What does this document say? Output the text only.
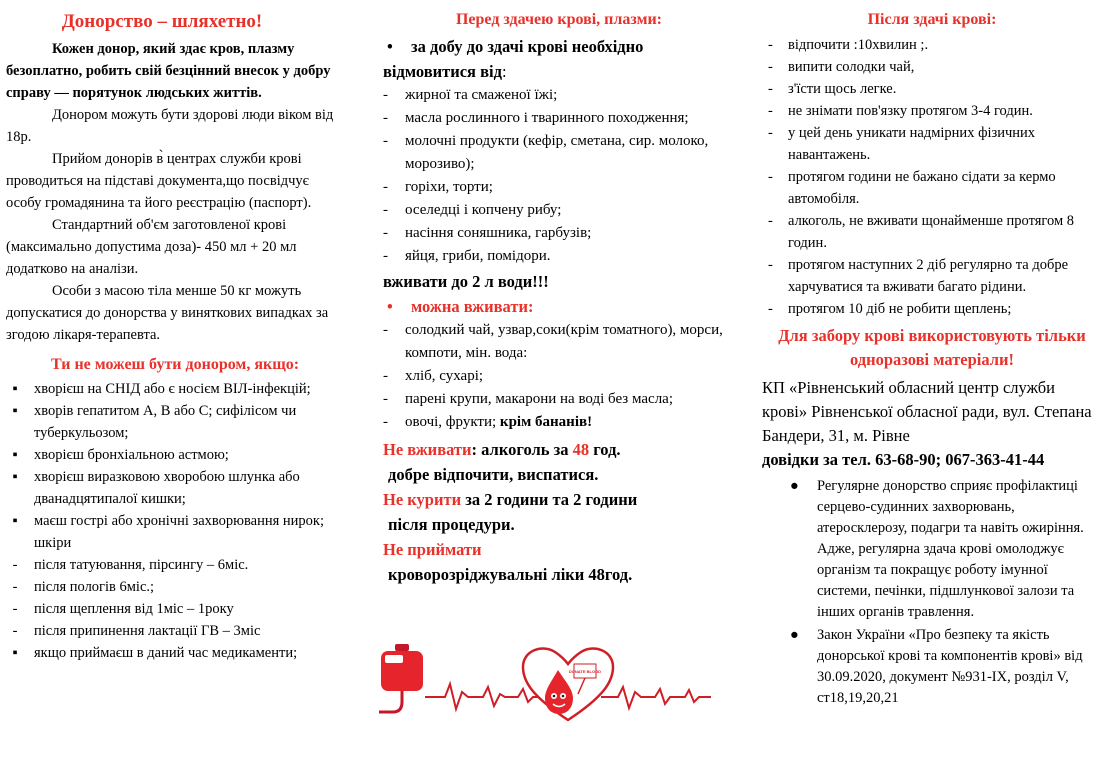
Донорство – шляхетно!

Кожен донор, який здає кров, плазму безоплатно, робить свій безцінний внесок у добру справу — порятунок людських життів.

Донором можуть бути здорові люди віком від 18р.

Прийом донорів в̀ центрах служби крові проводиться на підставі документа,що посвідчує особу громадянина та його реєстрацію (паспорт).

Стандартний об'єм заготовленої крові (максимально допустима доза)- 450 мл + 20 мл додатково на аналізи.

Особи з масою тіла менше 50 кг можуть допускатися до донорства у виняткових випадках за згодою лікаря-терапевта.

Ти не можеш бути донором, якщо:
▪	хворієш на СНІД або є носієм ВІЛ-інфекцій;
▪	хворів гепатитом А, В або С; сифілісом чи туберкульозом;
▪	хворієш бронхіальною астмою;
▪	хворієш виразковою хворобою шлунка або дванадцятипалої кишки;
▪	маєш гострі або хронічні захворювання нирок; шкіри
-	після татуювання, пірсингу – 6міс.
-	після пологів 6міс.;
-	після щеплення від 1міс – 1року
-	після припинення лактації ГВ – 3міс
▪	якщо приймаєш в даний час медикаменти;
Перед здачею крові, плазми:
• за добу до здачі крові необхідно відмовитися від:
-	жирної та смаженої їжі;
-	масла рослинного і тваринного походження;
-	молочні продукти (кефір, сметана, сир. молоко, морозиво);
-	горіхи, торти;
-	оселедці і копчену рибу;
-	насіння соняшника, гарбузів;
-	яйця, гриби, помідори.
вживати до 2 л води!!!
• можна вживати:
-	солодкий чай, узвар,соки(крім томатного), морси, компоти, мін. вода:
-	хліб, сухарі;
-	парені крупи, макарони на воді без масла;
-	овочі, фрукти; крім бананів!
Не вживати: алкоголь за 48 год.
добре відпочити, виспатися.
Не курити за 2 години та 2 години
після процедури.
Не приймати
кроворозріджувальні ліки 48год.
DONATE BLOOD
Після здачі крові:
- відпочити :10хвилин ;.
- випити солодки чай,
- з'їсти щось легке.
- не знімати пов'язку протягом 3-4 годин.
- у цей день уникати надмірних фізичних навантажень.
- протягом години не бажано сідати за кермо автомобіля.
- алкоголь, не вживати щонайменше протягом 8 годин.
- протягом наступних 2 діб регулярно та добре харчуватися та вживати багато рідини.
- протягом 10 діб не робити щеплень;
Для забору крові використовують тільки одноразові матеріали!
КП «Рівненський обласний центр служби крові» Рівненської обласної ради, вул. Степана Бандери, 31, м. Рівне
довідки за тел. 63-68-90; 067-363-41-44
● Регулярне донорство сприяє профілактиці серцево-судинних захворювань, атеросклерозу, подагри та навіть ожиріння. Адже, регулярна здача крові омолоджує організм та покращує роботу імунної системи, печінки, підшлункової залози та інших органів травлення.
● Закон України «Про безпеку та якість донорської крові та компонентів крові» від 30.09.2020, документ №931-IX, розділ V, ст18,19,20,21
